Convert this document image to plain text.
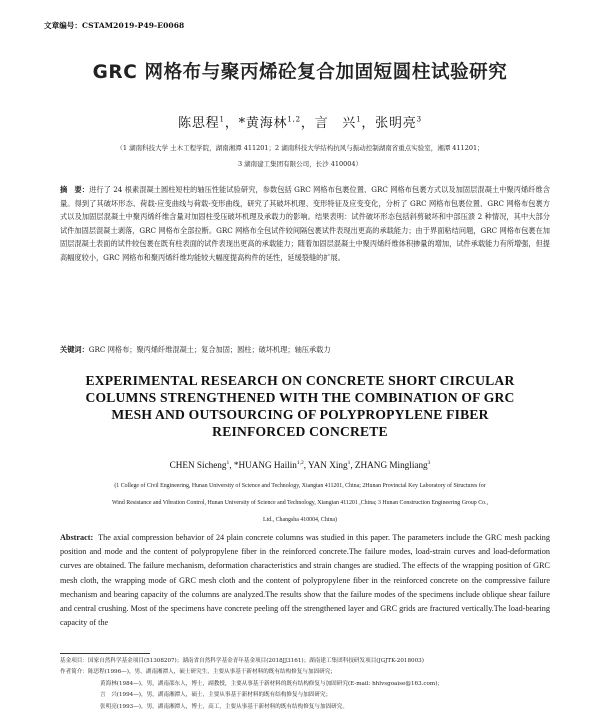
文章编号：CSTAM2019-P49-E0068
GRC 网格布与聚丙烯砼复合加固短圆柱试验研究
陈思程$^1$，*黄海林$^{1,2}$，言　兴$^1$，张明亮$^3$
（1 湖南科技大学 土木工程学院，湖南湘潭 411201；2 湖南科技大学结构抗风与振动控制湖南省重点实验室，湘潭 411201；
3 湖南建工集团有限公司，长沙 410004）
摘　要：进行了 24 根素混凝土圆柱短柱的轴压性能试验研究，参数包括 GRC 网格布包裹位置、GRC 网格布包裹方式以及加固层混凝土中聚丙烯纤维含量。得到了其破坏形态、荷载-应变曲线与荷载-变形曲线，研究了其破坏机理、变形特征及应变变化，分析了 GRC 网格布包裹位置、GRC 网格布包裹方式以及加固层混凝土中聚丙烯纤维含量对加固柱受压破坏机理及承载力的影响。结果表明：试件破坏形态包括斜剪破坏和中部压溃 2 种情况，其中大部分试件加固层混凝土剥落，GRC 网格布全部拉断。GRC 网格布全包试件较间隔包裹试件表现出更高的承载能力；由于界面粘结问题，GRC 网格布包裹在加固层混凝土表面的试件较包裹在既有柱表面的试件表现出更高的承载能力；随着加固层混凝土中聚丙烯纤维体积掺量的增加，试件承载能力有所增强，但提高幅度较小，GRC 网格布和聚丙烯纤维均能较大幅度提高构件的延性，延缓裂缝的扩展。
关键词：GRC 网格布；聚丙烯纤维混凝土；复合加固；圆柱；破坏机理；轴压承载力
EXPERIMENTAL RESEARCH ON CONCRETE SHORT CIRCULAR
COLUMNS STRENGTHENED WITH THE COMBINATION OF GRC
MESH AND OUTSOURCING OF POLYPROPYLENE FIBER
REINFORCED CONCRETE
CHEN Sicheng$^1$, *HUANG Hailin$^{1,2}$, YAN Xing$^1$, ZHANG Mingliang$^3$
(1 College of Civil Engineering, Hunan University of Science and Technology, Xiangtan 411201, China; 2Hunan Provincial Key Laboratory of Structures for
Wind Resistance and Vibration Control, Hunan University of Science and Technology, Xiangtan 411201 ,China; 3 Hunan Construction Engineering Group Co.,
Ltd., Changsha 410004, China)
Abstract: The axial compression behavior of 24 plain concrete columns was studied in this paper. The parameters include the GRC mesh packing position and mode and the content of polypropylene fiber in the reinforced concrete.The failure modes, load-strain curves and load-deformation curves are obtained. The failure mechanism, deformation characteristics and strain changes are studied. The effects of the wrapping position of GRC mesh cloth, the wrapping mode of GRC mesh cloth and the content of polypropylene fiber in the reinforced concrete on the compressive failure mechanism and bearing capacity of the columns are analyzed.The results show that the failure modes of the specimens include oblique shear failure and central crushing. Most of the specimens have concrete peeling off the strengthened layer and GRC grids are fractured vertically.The load-bearing capacity of the
基金项目：国家自然科学基金项目(51308207)；湖南省自然科学基金青年基金项目(2018JJ3161)；湖南建工集团科技研发项目(JGJTK-2018003)
作者简介：陈思程(1996—)，男，湖南湘潭人，硕士研究生，主要从事基于新材料的既有结构修复与加固研究；
黄海林(1984—)，男，湖南邵东人，博士，副教授，主要从事基于新材料的既有结构修复与加固研究(E-mail: hhlvsgoaise@163.com)；
言　兴(1994—)，男，湖南湘潭人，硕士，主要从事基于新材料的既有结构修复与加固研究；
张明亮(1993—)，男，湖南湘潭人，博士，高工，主要从事基于新材料的既有结构修复与加固研究。
